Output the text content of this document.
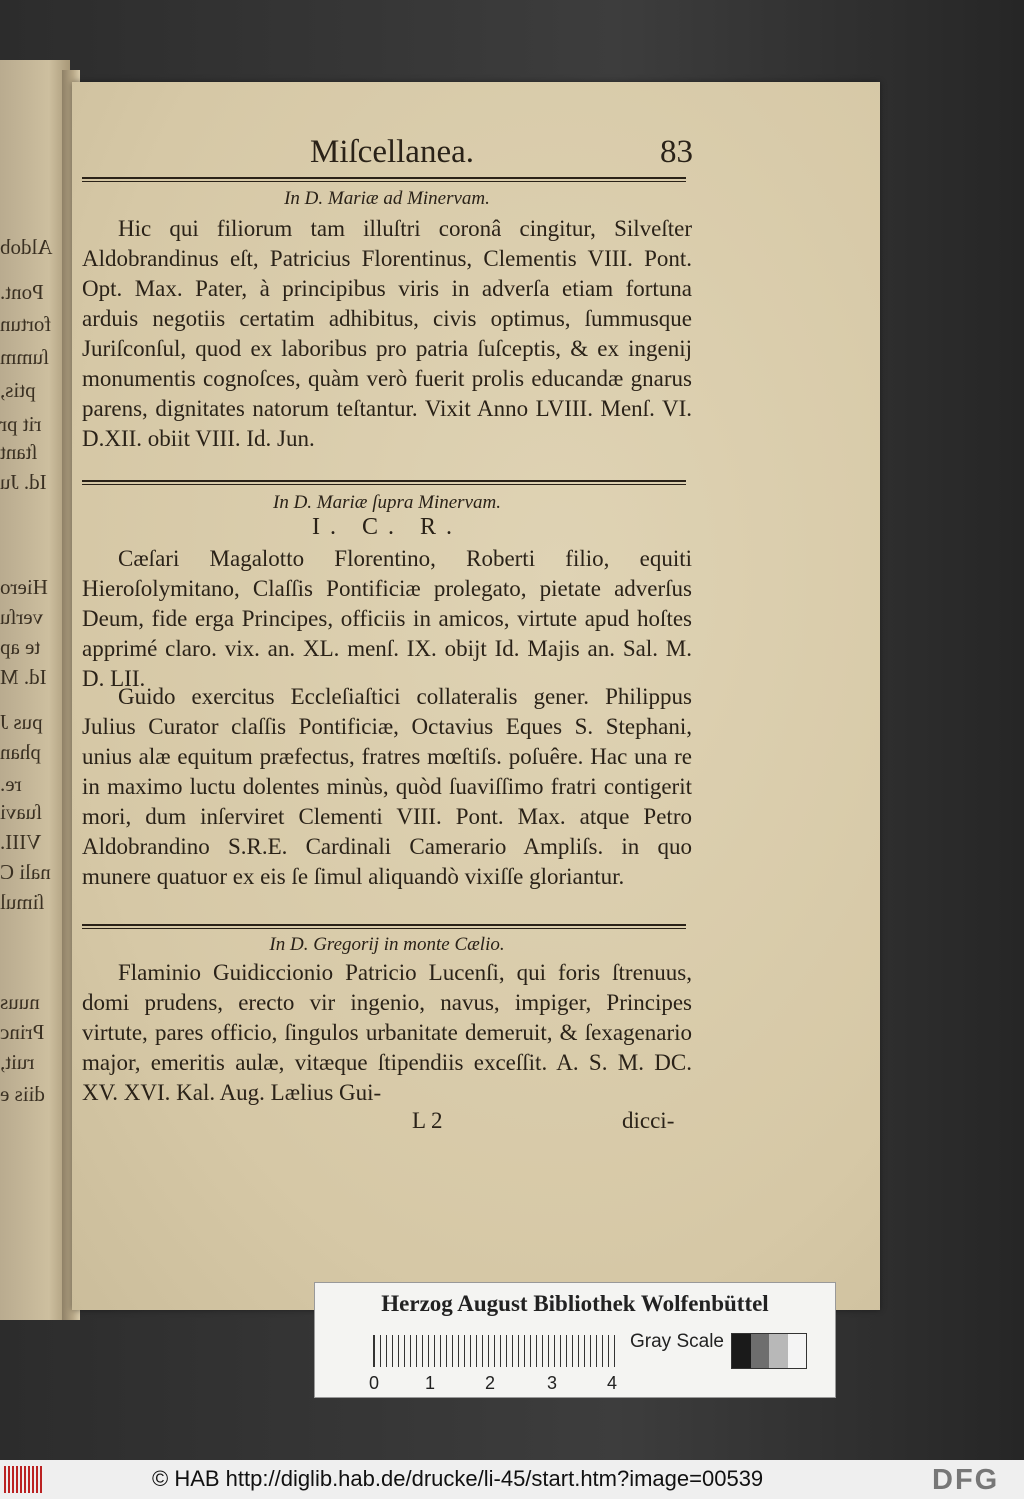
Aldob
Pont.
fortun
ſumm
ptis,
rit pr
ſtant
Id. Ju
Hiero
verſu
te ap
Id. M
pus J
phan
re.
ſuavi
VIII.
nali C
ſimul
nuus
Princ
ruit,
diis e
Miſcellanea.	83
In D. Mariæ ad Minervam.
Hic qui filiorum tam illuſtri coronâ cingitur, Silveſter Aldobrandinus eſt, Patricius Florentinus, Clementis VIII. Pont. Opt. Max. Pater, à principibus viris in adverſa etiam fortuna arduis negotiis certatim adhibitus, civis optimus, ſummusque Juriſconſul, quod ex laboribus pro patria ſuſceptis, & ex ingenij monumentis cognoſces, quàm verò fuerit prolis educandæ gnarus parens, dignitates natorum teſtantur. Vixit Anno LVIII. Menſ. VI. D.XII. obiit VIII. Id. Jun.
In D. Mariæ ſupra Minervam.
I. C. R.
Cæſari Magalotto Florentino, Roberti filio, equiti Hieroſolymitano, Claſſis Pontificiæ prolegato, pietate adverſus Deum, fide erga Principes, officiis in amicos, virtute apud hoſtes apprimé claro. vix. an. XL. menſ. IX. obijt Id. Majis an. Sal. M. D. LII.
Guido exercitus Eccleſiaſtici collateralis gener. Philippus Julius Curator claſſis Pontificiæ, Octavius Eques S. Stephani, unius alæ equitum præfectus, fratres mœſtiſs. poſuêre. Hac una re in maximo luctu dolentes minùs, quòd ſuaviſſimo fratri contigerit mori, dum inſerviret Clementi VIII. Pont. Max. atque Petro Aldobrandino S.R.E. Cardinali Camerario Ampliſs. in quo munere quatuor ex eis ſe ſimul aliquandò vixiſſe gloriantur.
In D. Gregorij in monte Cælio.
Flaminio Guidiccionio Patricio Lucenſi, qui foris ſtrenuus, domi prudens, erecto vir ingenio, navus, impiger, Principes virtute, pares officio, ſingulos urbanitate demeruit, & ſexagenario major, emeritis aulæ, vitæque ſtipendiis exceſſit. A. S. M. DC. XV. XVI. Kal. Aug. Lælius Gui-
L 2	dicci-
Herzog August Bibliothek Wolfenbüttel
0	1	2	3	4
Gray Scale
© HAB http://diglib.hab.de/drucke/li-45/start.htm?image=00539	DFG
